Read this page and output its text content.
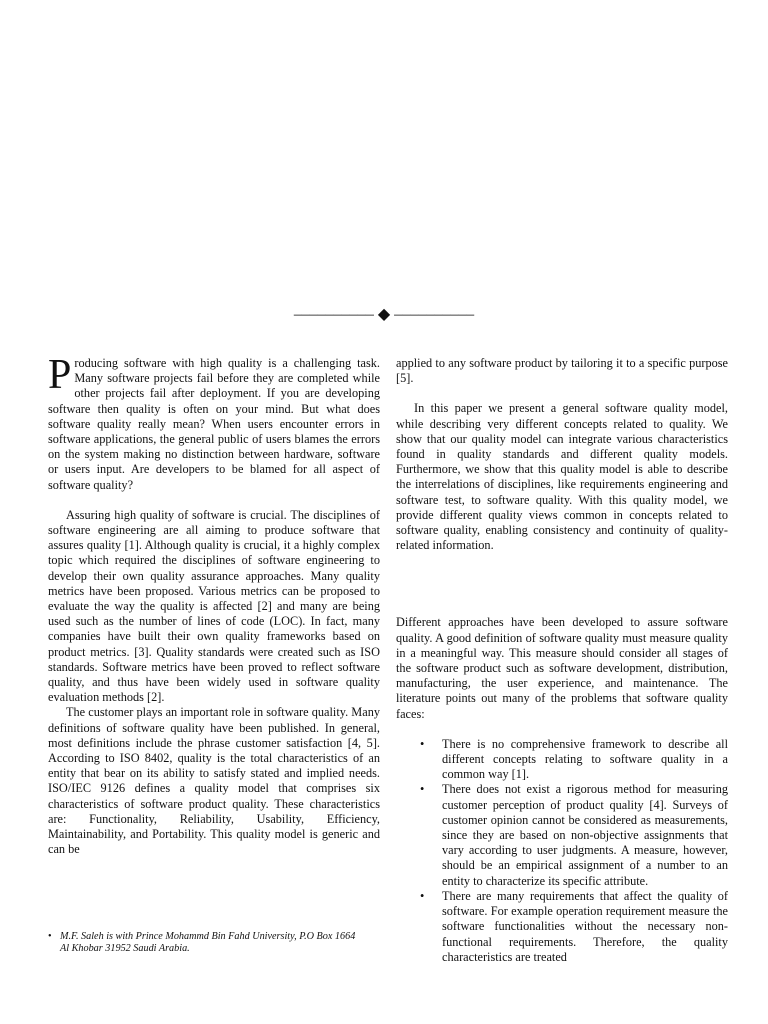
–––––––––– ◆ ––––––––––

Producing software with high quality is a challenging task. Many software projects fail before they are completed while other projects fail after deployment. If you are developing software then quality is often on your mind. But what does software quality really mean? When users encounter errors in software applications, the general public of users blames the errors on the system making no distinction between hardware, software or users input. Are developers to be blamed for all aspect of software quality?

Assuring high quality of software is crucial. The disciplines of software engineering are all aiming to produce software that assures quality [1]. Although quality is crucial, it a highly complex topic which required the disciplines of software engineering to develop their own quality assurance approaches. Many quality metrics have been proposed. Various metrics can be proposed to evaluate the way the quality is affected [2] and many are being used such as the number of lines of code (LOC). In fact, many companies have built their own quality frameworks based on product metrics. [3]. Quality standards were created such as ISO standards. Software metrics have been proved to reflect software quality, and thus have been widely used in software quality evaluation methods [2].

The customer plays an important role in software quality. Many definitions of software quality have been published. In general, most definitions include the phrase customer satisfaction [4, 5]. According to ISO 8402, quality is the total characteristics of an entity that bear on its ability to satisfy stated and implied needs. ISO/IEC 9126 defines a quality model that comprises six characteristics of software product quality. These characteristics are: Functionality, Reliability, Usability, Efficiency, Maintainability, and Portability. This quality model is generic and can be

• M.F. Saleh is with Prince Mohammd Bin Fahd University, P.O Box 1664
Al Khobar 31952 Saudi Arabia.

applied to any software product by tailoring it to a specific purpose [5].

In this paper we present a general software quality model, while describing very different concepts related to quality. We show that our quality model can integrate various characteristics found in quality standards and different quality models. Furthermore, we show that this quality model is able to describe the interrelations of disciplines, like requirements engineering and software test, to software quality. With this quality model, we provide different quality views common in concepts related to software quality, enabling consistency and continuity of quality-related information.

Different approaches have been developed to assure software quality. A good definition of software quality must measure quality in a meaningful way. This measure should consider all stages of the software product such as software development, distribution, manufacturing, the user experience, and maintenance. The literature points out many of the problems that software quality faces:

• There is no comprehensive framework to describe all different concepts relating to software quality in a common way [1].
• There does not exist a rigorous method for measuring customer perception of product quality [4]. Surveys of customer opinion cannot be considered as measurements, since they are based on non-objective assignments that vary according to user judgments. A measure, however, should be an empirical assignment of a number to an entity to characterize its specific attribute.
• There are many requirements that affect the quality of software. For example operation requirement measure the software functionalities without the necessary non-functional requirements. Therefore, the quality characteristics are treated
